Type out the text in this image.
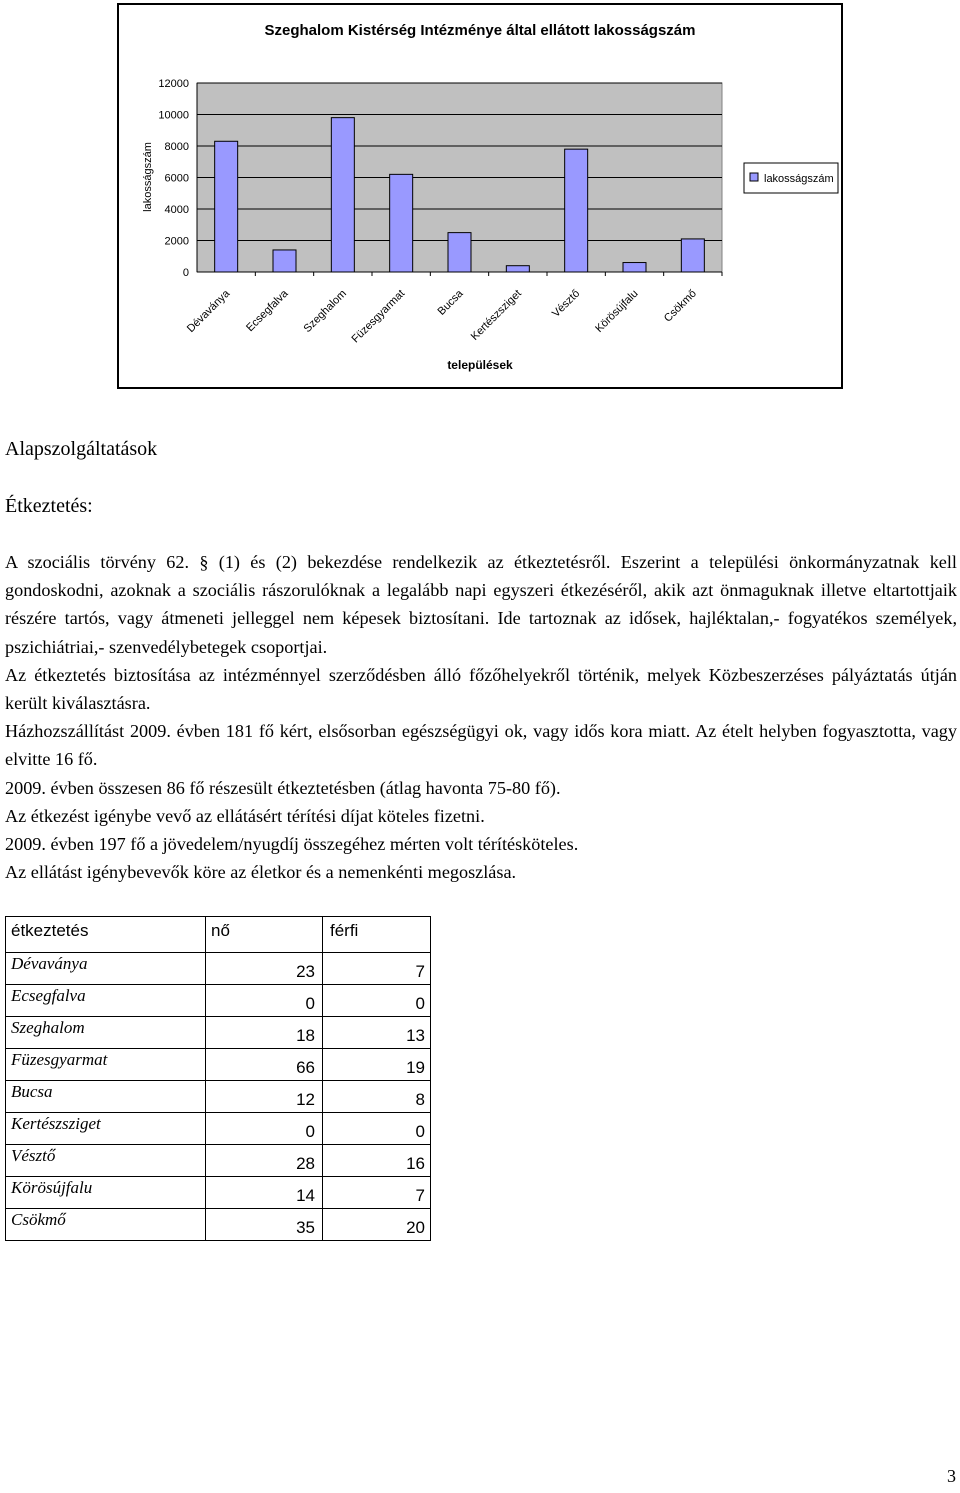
Szeghalom Kistérség Intézménye által ellátott lakosságszám
0
2000
4000
6000
8000
10000
12000
Dévaványa Ecsegfalva Szeghalom Füzesgyarmat	Bucsa Kertészsziget Vésztő Körösújfalu Csökmő
települések
lakosságszám	lakosságszám
Alapszolgáltatások
Étkeztetés:

A szociális törvény 62. § (1) és (2) bekezdése rendelkezik az étkeztetésről. Eszerint a települési önkormányzatnak kell gondoskodni, azoknak a szociális rászorulóknak a legalább napi egyszeri étkezéséről, akik azt önmaguknak illetve eltartottjaik részére tartós, vagy átmeneti jelleggel nem képesek biztosítani. Ide tartoznak az idősek, hajléktalan,- fogyatékos személyek, pszichiátriai,- szenvedélybetegek csoportjai.

Az étkeztetés biztosítása az intézménnyel szerződésben álló főzőhelyekről történik, melyek Közbeszerzéses pályáztatás útján került kiválasztásra.

Házhozszállítást 2009. évben 181 fő kért, elsősorban egészségügyi ok, vagy idős kora miatt. Az ételt helyben fogyasztotta, vagy elvitte 16 fő.

2009. évben összesen 86 fő részesült étkeztetésben (átlag havonta 75-80 fő).

Az étkezést igénybe vevő az ellátásért térítési díjat köteles fizetni.

2009. évben 197 fő a jövedelem/nyugdíj összegéhez mérten volt térítésköteles.

Az ellátást igénybevevők köre az életkor és a nemenkénti megoszlása.

étkeztetés	nő	férfi
Dévaványa	23	7
Ecsegfalva	0	0
Szeghalom	18	13
Füzesgyarmat	66	19
Bucsa	12	8
Kertészsziget	0	0
Vésztő	28	16
Körösújfalu	14	7
Csökmő	35	20
3
